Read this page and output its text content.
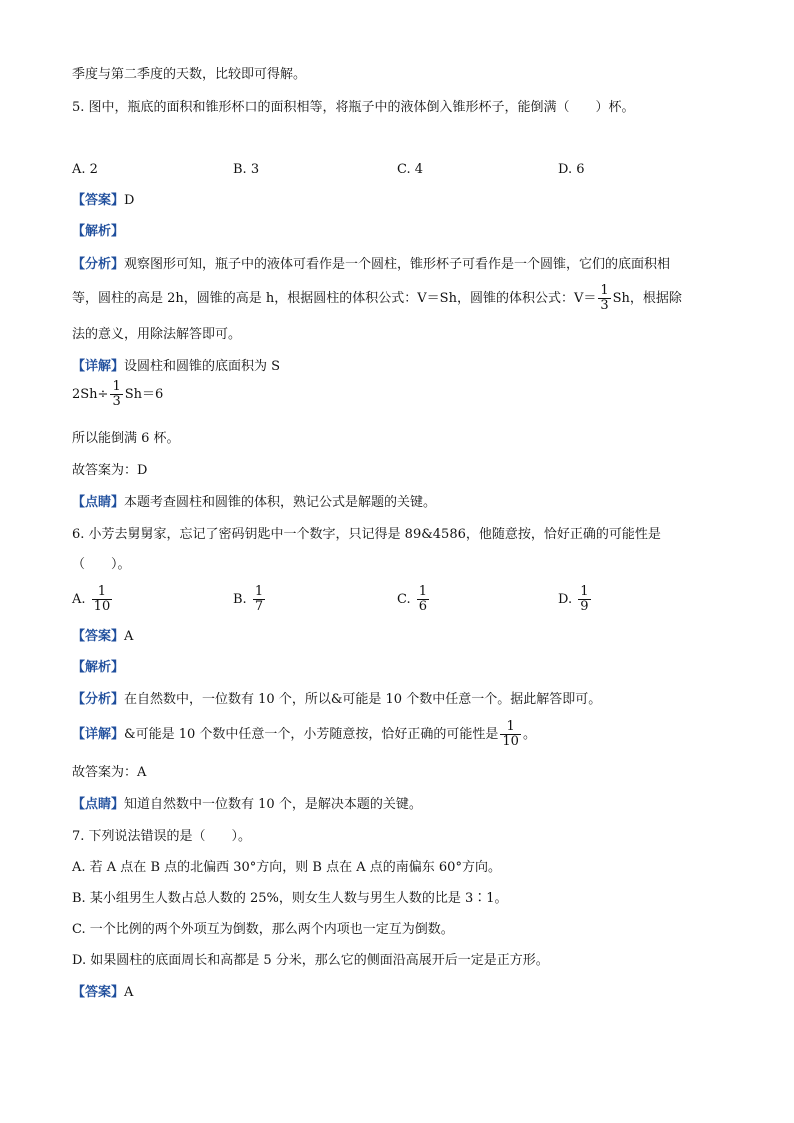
季度与第二季度的天数，比较即可得解。
5. 图中，瓶底的面积和锥形杯口的面积相等，将瓶子中的液体倒入锥形杯子，能倒满（　　）杯。
A. 2	B. 3	C. 4	D. 6
【答案】D
【解析】
【分析】观察图形可知，瓶子中的液体可看作是一个圆柱，锥形杯子可看作是一个圆锥，它们的底面积相
等，圆柱的高是 2h，圆锥的高是 h，根据圆柱的体积公式：V＝Sh，圆锥的体积公式：$V= \frac{1}{3}$ Sh，根据除
法的意义，用除法解答即可。
【详解】设圆柱和圆锥的底面积为 S
$2Sh\div \frac{1}{3} Sh=6$
所以能倒满 6 杯。
故答案为：D
【点睛】本题考查圆柱和圆锥的体积，熟记公式是解题的关键。
6. 小芳去舅舅家，忘记了密码钥匙中一个数字，只记得是 89&4586，他随意按，恰好正确的可能性是
（　　）。
A. $\frac{1}{10}$	B. $\frac{1}{7}$	C. $\frac{1}{6}$	D. $\frac{1}{9}$
【答案】A
【解析】
【分析】在自然数中，一位数有 10 个，所以&可能是 10 个数中任意一个。据此解答即可。
【详解】&可能是 10 个数中任意一个，小芳随意按，恰好正确的可能性是 $\frac{1}{10}$ 。
故答案为：A
【点睛】知道自然数中一位数有 10 个，是解决本题的关键。
7. 下列说法错误的是（　　）。
A. 若 A 点在 B 点的北偏西 30°方向，则 B 点在 A 点的南偏东 60°方向。
B. 某小组男生人数占总人数的 25%，则女生人数与男生人数的比是 3∶1。
C. 一个比例的两个外项互为倒数，那么两个内项也一定互为倒数。
D. 如果圆柱的底面周长和高都是 5 分米，那么它的侧面沿高展开后一定是正方形。
【答案】A
